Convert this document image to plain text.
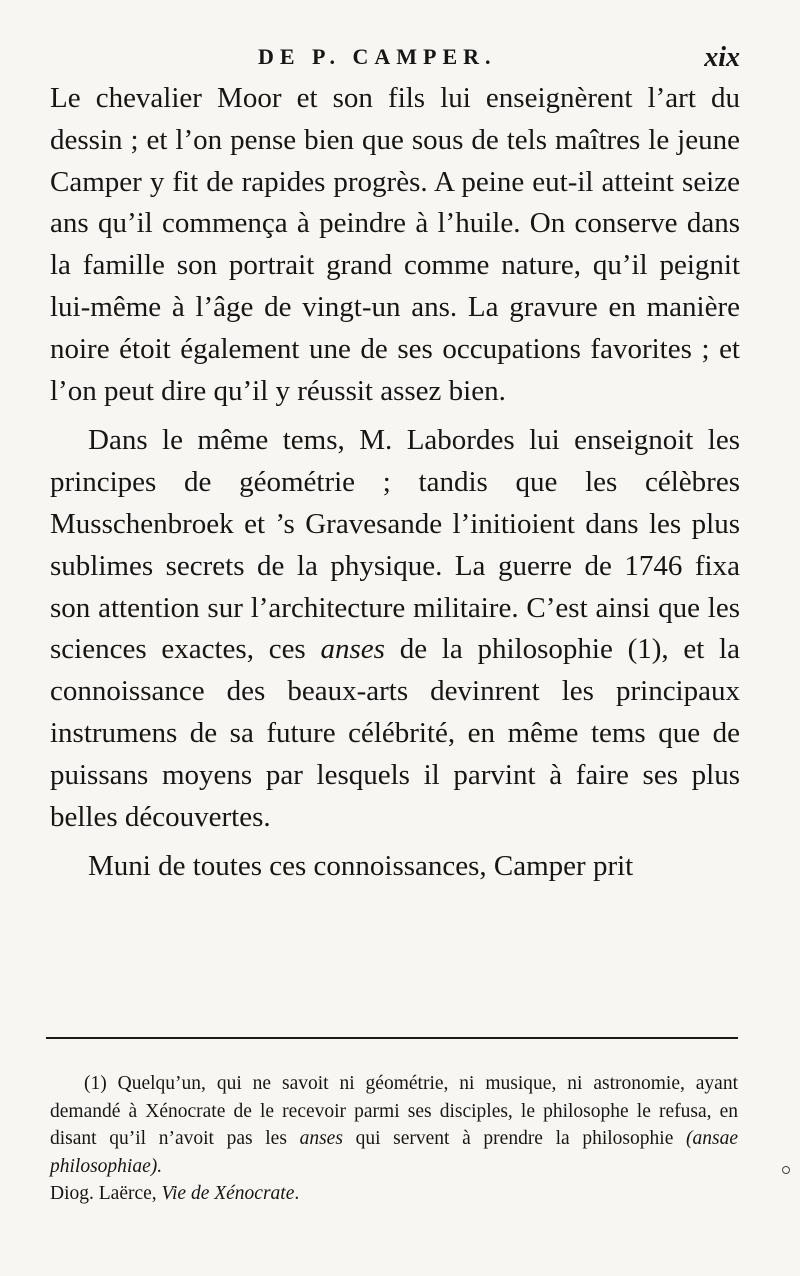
DE P. CAMPER.	xix

Le chevalier Moor et son fils lui enseignèrent l’art du dessin ; et l’on pense bien que sous de tels maîtres le jeune Camper y fit de rapides progrès. A peine eut-il atteint seize ans qu’il commença à peindre à l’huile. On conserve dans la famille son portrait grand comme nature, qu’il peignit lui-même à l’âge de vingt-un ans. La gravure en manière noire étoit également une de ses occupations favorites ; et l’on peut dire qu’il y réussit assez bien.

Dans le même tems, M. Labordes lui enseignoit les principes de géométrie ; tandis que les célèbres Musschenbroek et ’s Gravesande l’initioient dans les plus sublimes secrets de la physique. La guerre de 1746 fixa son attention sur l’architecture militaire. C’est ainsi que les sciences exactes, ces anses de la philosophie (1), et la connoissance des beaux-arts devinrent les principaux instrumens de sa future célébrité, en même tems que de puissans moyens par lesquels il parvint à faire ses plus belles découvertes.

Muni de toutes ces connoissances, Camper prit

(1) Quelqu’un, qui ne savoit ni géométrie, ni musique, ni astronomie, ayant demandé à Xénocrate de le recevoir parmi ses disciples, le philosophe le refusa, en disant qu’il n’avoit pas les anses qui servent à prendre la philosophie (ansae philosophiae).

Diog. Laërce, Vie de Xénocrate.
